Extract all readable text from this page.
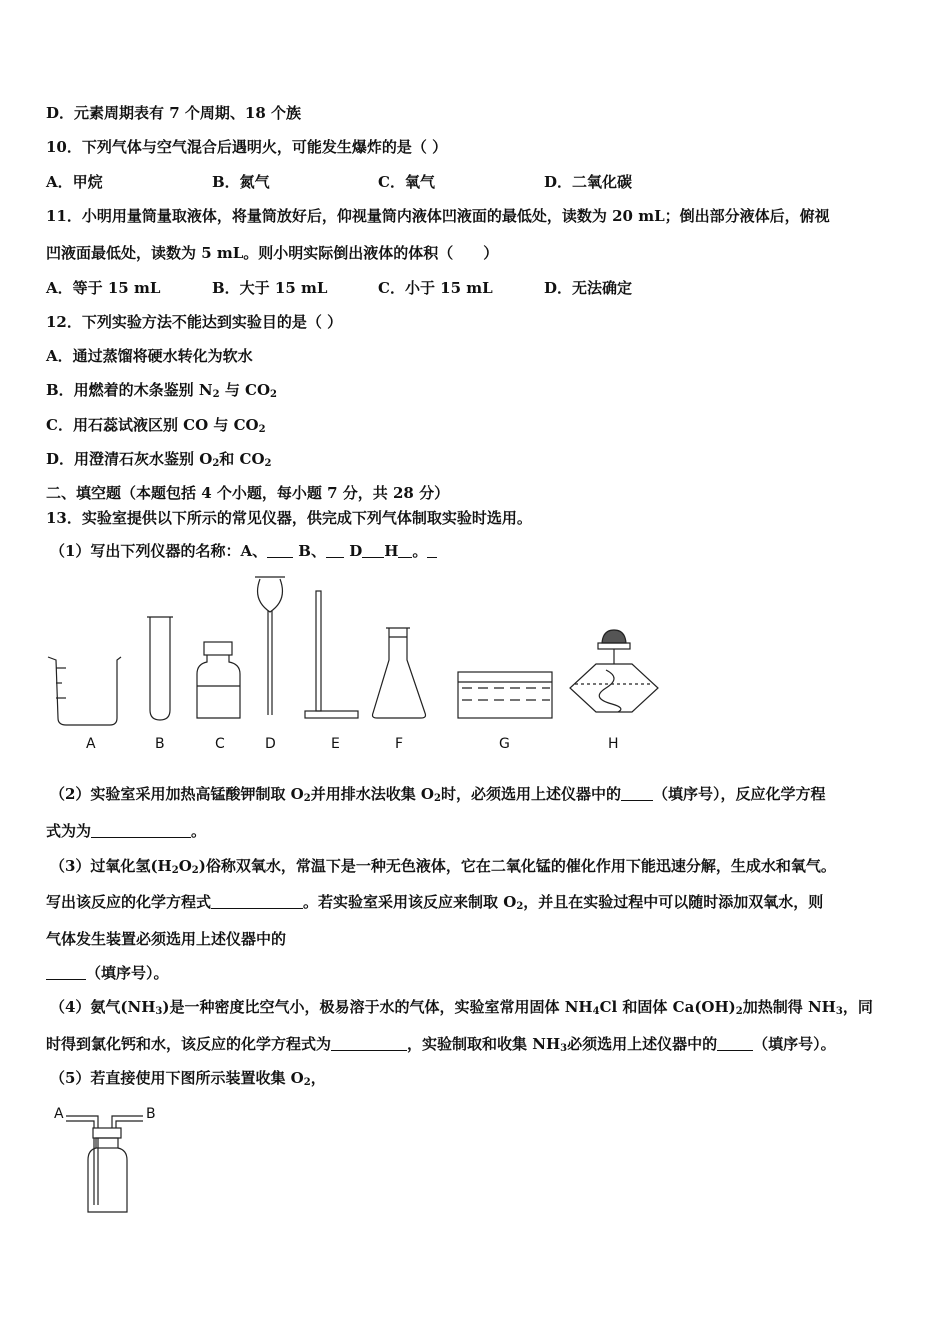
D．元素周期表有 7 个周期、18 个族
10．下列气体与空气混合后遇明火，可能发生爆炸的是（ ）
A．甲烷	B．氮气	C．氧气	D．二氧化碳
11．小明用量筒量取液体，将量筒放好后，仰视量筒内液体凹液面的最低处，读数为 20 mL；倒出部分液体后，俯视
凹液面最低处，读数为 5 mL。则小明实际倒出液体的体积（　　）
A．等于 15 mL	B．大于 15 mL	C．小于 15 mL	D．无法确定
12．下列实验方法不能达到实验目的是（ ）
A．通过蒸馏将硬水转化为软水
B．用燃着的木条鉴别 $N_2$ 与 $CO_2$
C．用石蕊试液区别 CO 与 $CO_2$
D．用澄清石灰水鉴别 $O_2$和 $CO_2$
二、填空题（本题包括 4 个小题，每小题 7 分，共 28 分）
13．实验室提供以下所示的常见仪器，供完成下列气体制取实验时选用。
（1）写出下列仪器的名称：A、 B、 D H 。
A	B	C	D	E	F	G	H
（2）实验室采用加热高锰酸钾制取 $O_2$并用排水法收集 $O_2$时，必须选用上述仪器中的 （填序号），反应化学方程
式为为	。
（3）过氧化氢$(H_2O_2)$俗称双氧水，常温下是一种无色液体，它在二氧化锰的催化作用下能迅速分解，生成水和氧气。
写出该反应的化学方程式	。若实验室采用该反应来制取 $O_2$，并且在实验过程中可以随时添加双氧水，则
气体发生装置必须选用上述仪器中的
（填序号）。
（4）氨气$(NH_3)$是一种密度比空气小，极易溶于水的气体，实验室常用固体 $NH_4Cl$ 和固体 $Ca(OH)_2$加热制得 $NH_3$，同
时得到氯化钙和水，该反应的化学方程式为	，实验制取和收集 $NH_3$必须选用上述仪器中的 （填序号）。
（5）若直接使用下图所示装置收集 $O_2$，
A	B
